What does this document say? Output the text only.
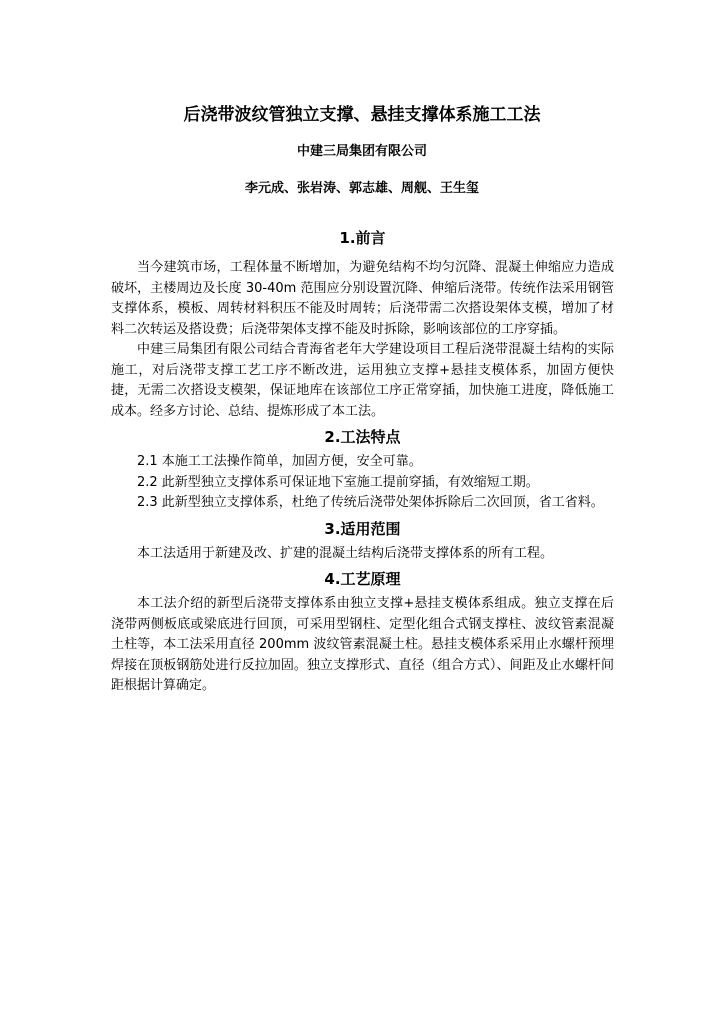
后浇带波纹管独立支撑、悬挂支撑体系施工工法
中建三局集团有限公司
李元成、张岩涛、郭志雄、周舰、王生玺
1.前言

当今建筑市场，工程体量不断增加，为避免结构不均匀沉降、混凝土伸缩应力造成破坏，主楼周边及长度 30-40m 范围应分别设置沉降、伸缩后浇带。传统作法采用钢管支撑体系，模板、周转材料积压不能及时周转；后浇带需二次搭设架体支模，增加了材料二次转运及搭设费；后浇带架体支撑不能及时拆除，影响该部位的工序穿插。

中建三局集团有限公司结合青海省老年大学建设项目工程后浇带混凝土结构的实际施工，对后浇带支撑工艺工序不断改进，运用独立支撑+悬挂支模体系，加固方便快捷，无需二次搭设支模架，保证地库在该部位工序正常穿插，加快施工进度，降低施工成本。经多方讨论、总结、提炼形成了本工法。

2.工法特点

2.1 本施工工法操作简单，加固方便，安全可靠。

2.2 此新型独立支撑体系可保证地下室施工提前穿插，有效缩短工期。

2.3 此新型独立支撑体系，杜绝了传统后浇带处架体拆除后二次回顶，省工省料。

3.适用范围

本工法适用于新建及改、扩建的混凝土结构后浇带支撑体系的所有工程。

4.工艺原理

本工法介绍的新型后浇带支撑体系由独立支撑+悬挂支模体系组成。独立支撑在后浇带两侧板底或梁底进行回顶，可采用型钢柱、定型化组合式钢支撑柱、波纹管素混凝土柱等，本工法采用直径 200mm 波纹管素混凝土柱。悬挂支模体系采用止水螺杆预埋焊接在顶板钢筋处进行反拉加固。独立支撑形式、直径（组合方式）、间距及止水螺杆间距根据计算确定。
